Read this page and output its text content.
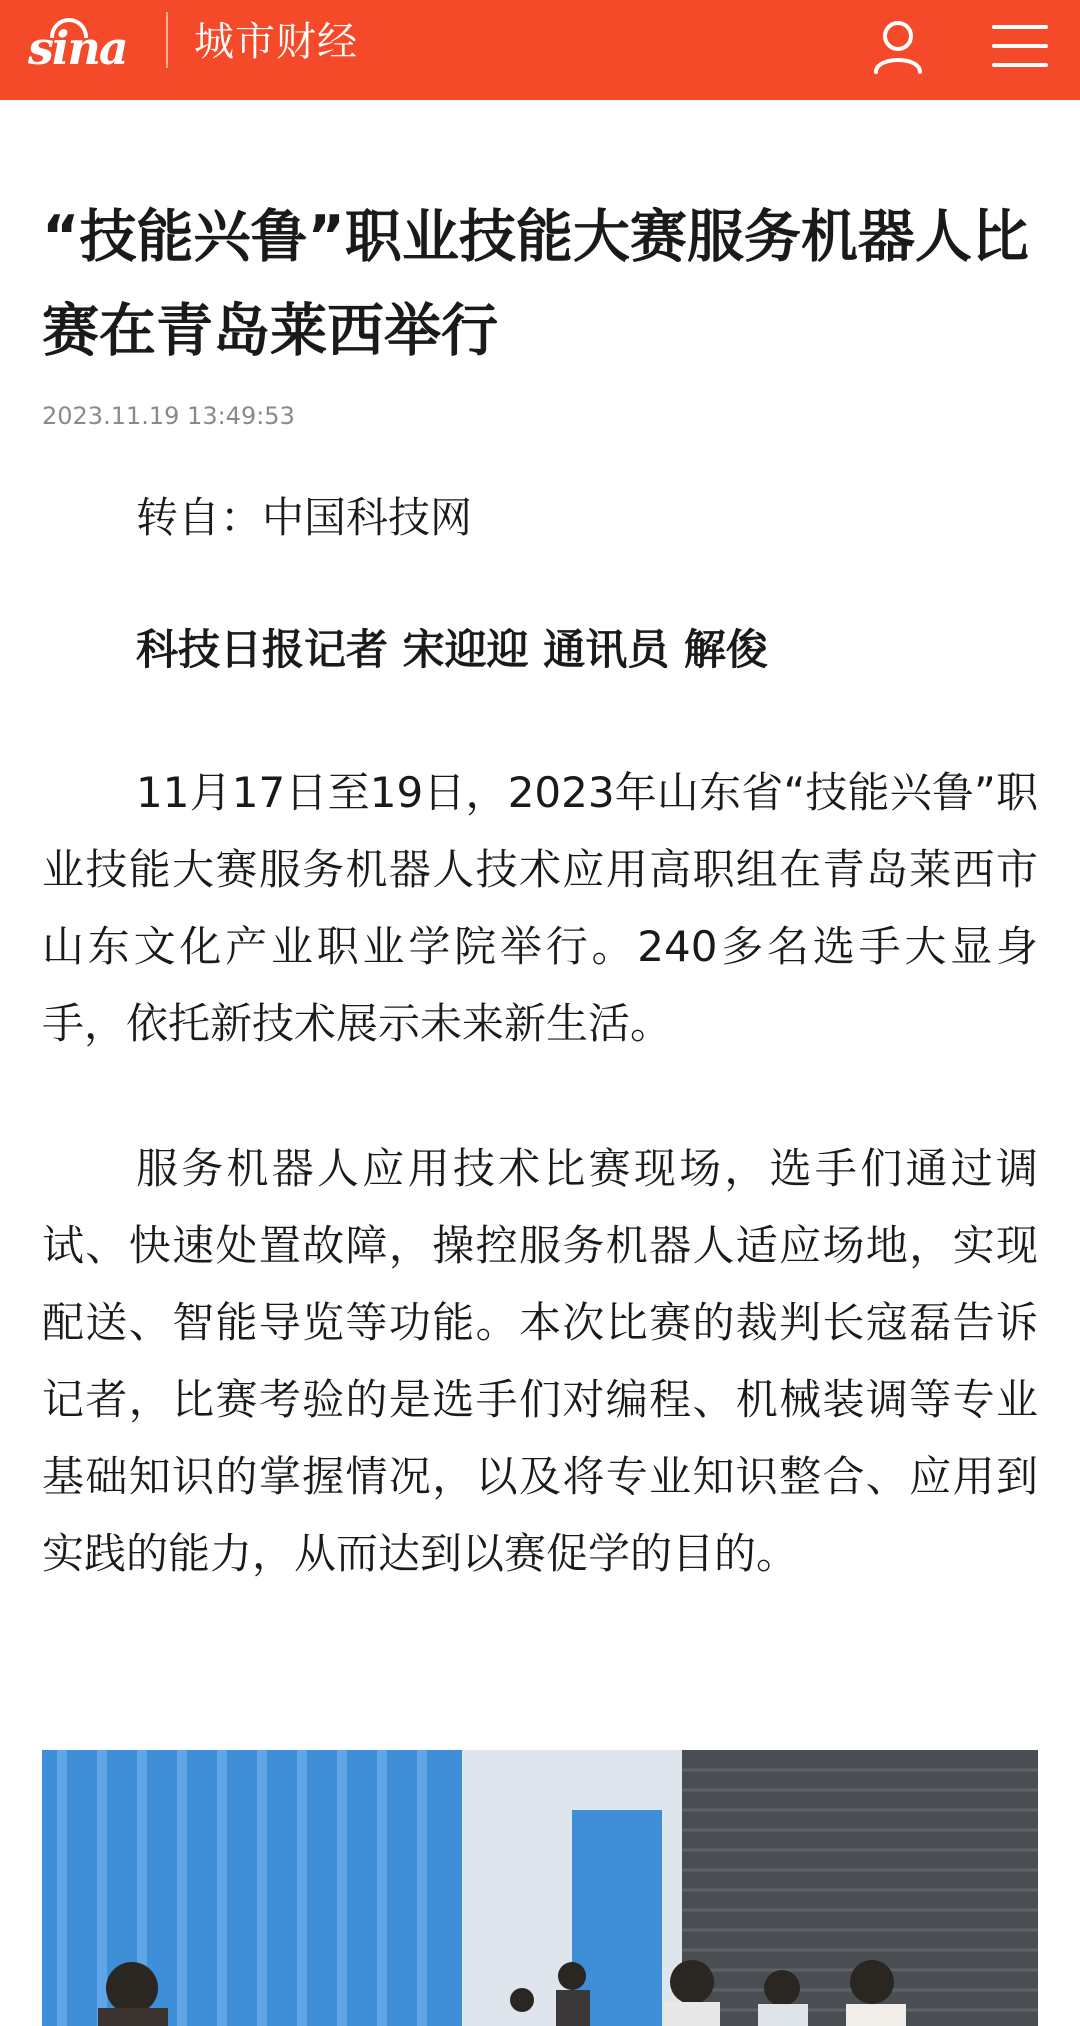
sina 城市财经
“技能兴鲁”职业技能大赛服务机器人比赛在青岛莱西举行
2023.11.19 13:49:53
转自：中国科技网
科技日报记者 宋迎迎 通讯员 解俊

11月17日至19日，2023年山东省“技能兴鲁”职业技能大赛服务机器人技术应用高职组在青岛莱西市山东文化产业职业学院举行。240多名选手大显身手，依托新技术展示未来新生活。

服务机器人应用技术比赛现场，选手们通过调试、快速处置故障，操控服务机器人适应场地，实现配送、智能导览等功能。本次比赛的裁判长寇磊告诉记者，比赛考验的是选手们对编程、机械装调等专业基础知识的掌握情况，以及将专业知识整合、应用到实践的能力，从而达到以赛促学的目的。
